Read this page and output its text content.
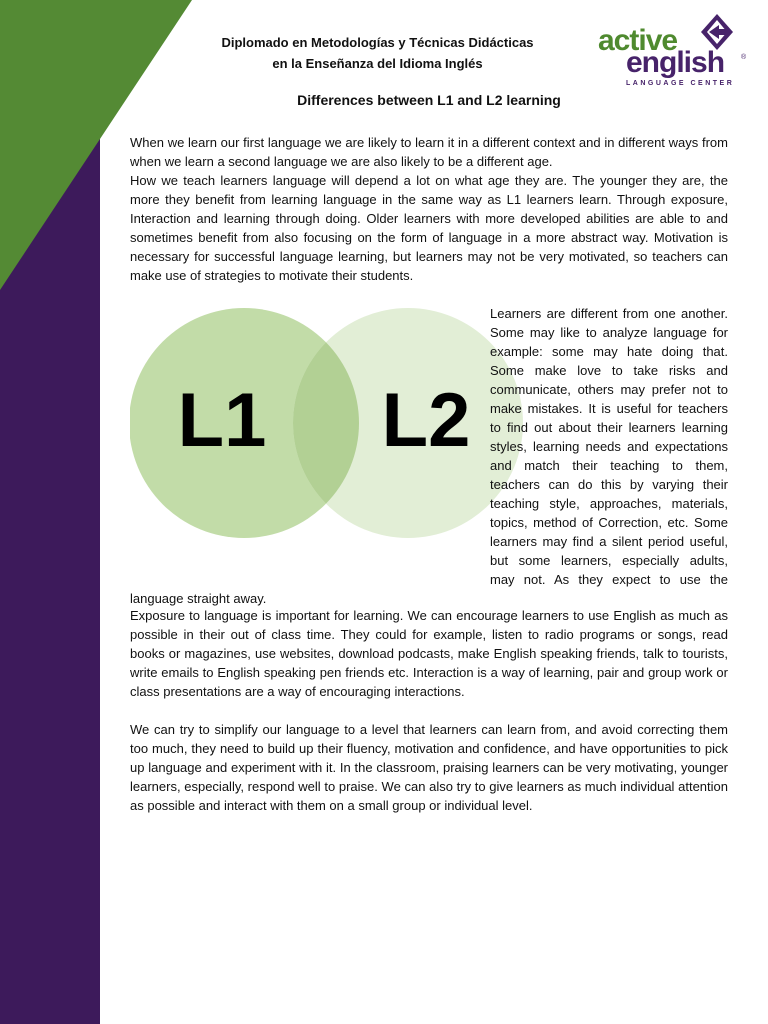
Diplomado en Metodologías y Técnicas Didácticas
en la Enseñanza del Idioma Inglés
active
english ®
LANGUAGE CENTER
Differences between L1 and L2 learning

When we learn our first language we are likely to learn it in a different context and in different ways from when we learn a second language we are also likely to be a different age.

How we teach learners language will depend a lot on what age they are. The younger they are, the more they benefit from learning language in the same way as L1 learners learn. Through exposure, Interaction and learning through doing. Older learners with more developed abilities are able to and sometimes benefit from also focusing on the form of language in a more abstract way. Motivation is necessary for successful language learning, but learners may not be very motivated, so teachers can make use of strategies to motivate their students.

L1 L2

Learners are different from one another. Some may like to analyze language for example: some may hate doing that. Some make love to take risks and communicate, others may prefer not to make mistakes. It is useful for teachers to find out about their learners learning styles, learning needs and expectations and match their teaching to them, teachers can do this by varying their teaching style, approaches, materials, topics, method of Correction, etc. Some learners may find a silent period useful, but some learners, especially adults, may not. As they expect to use the language straight away.

Exposure to language is important for learning. We can encourage learners to use English as much as possible in their out of class time. They could for example, listen to radio programs or songs, read books or magazines, use websites, download podcasts, make English speaking friends, talk to tourists, write emails to English speaking pen friends etc. Interaction is a way of learning, pair and group work or class presentations are a way of encouraging interactions.

We can try to simplify our language to a level that learners can learn from, and avoid correcting them too much, they need to build up their fluency, motivation and confidence, and have opportunities to pick up language and experiment with it. In the classroom, praising learners can be very motivating, younger learners, especially, respond well to praise. We can also try to give learners as much individual attention as possible and interact with them on a small group or individual level.
